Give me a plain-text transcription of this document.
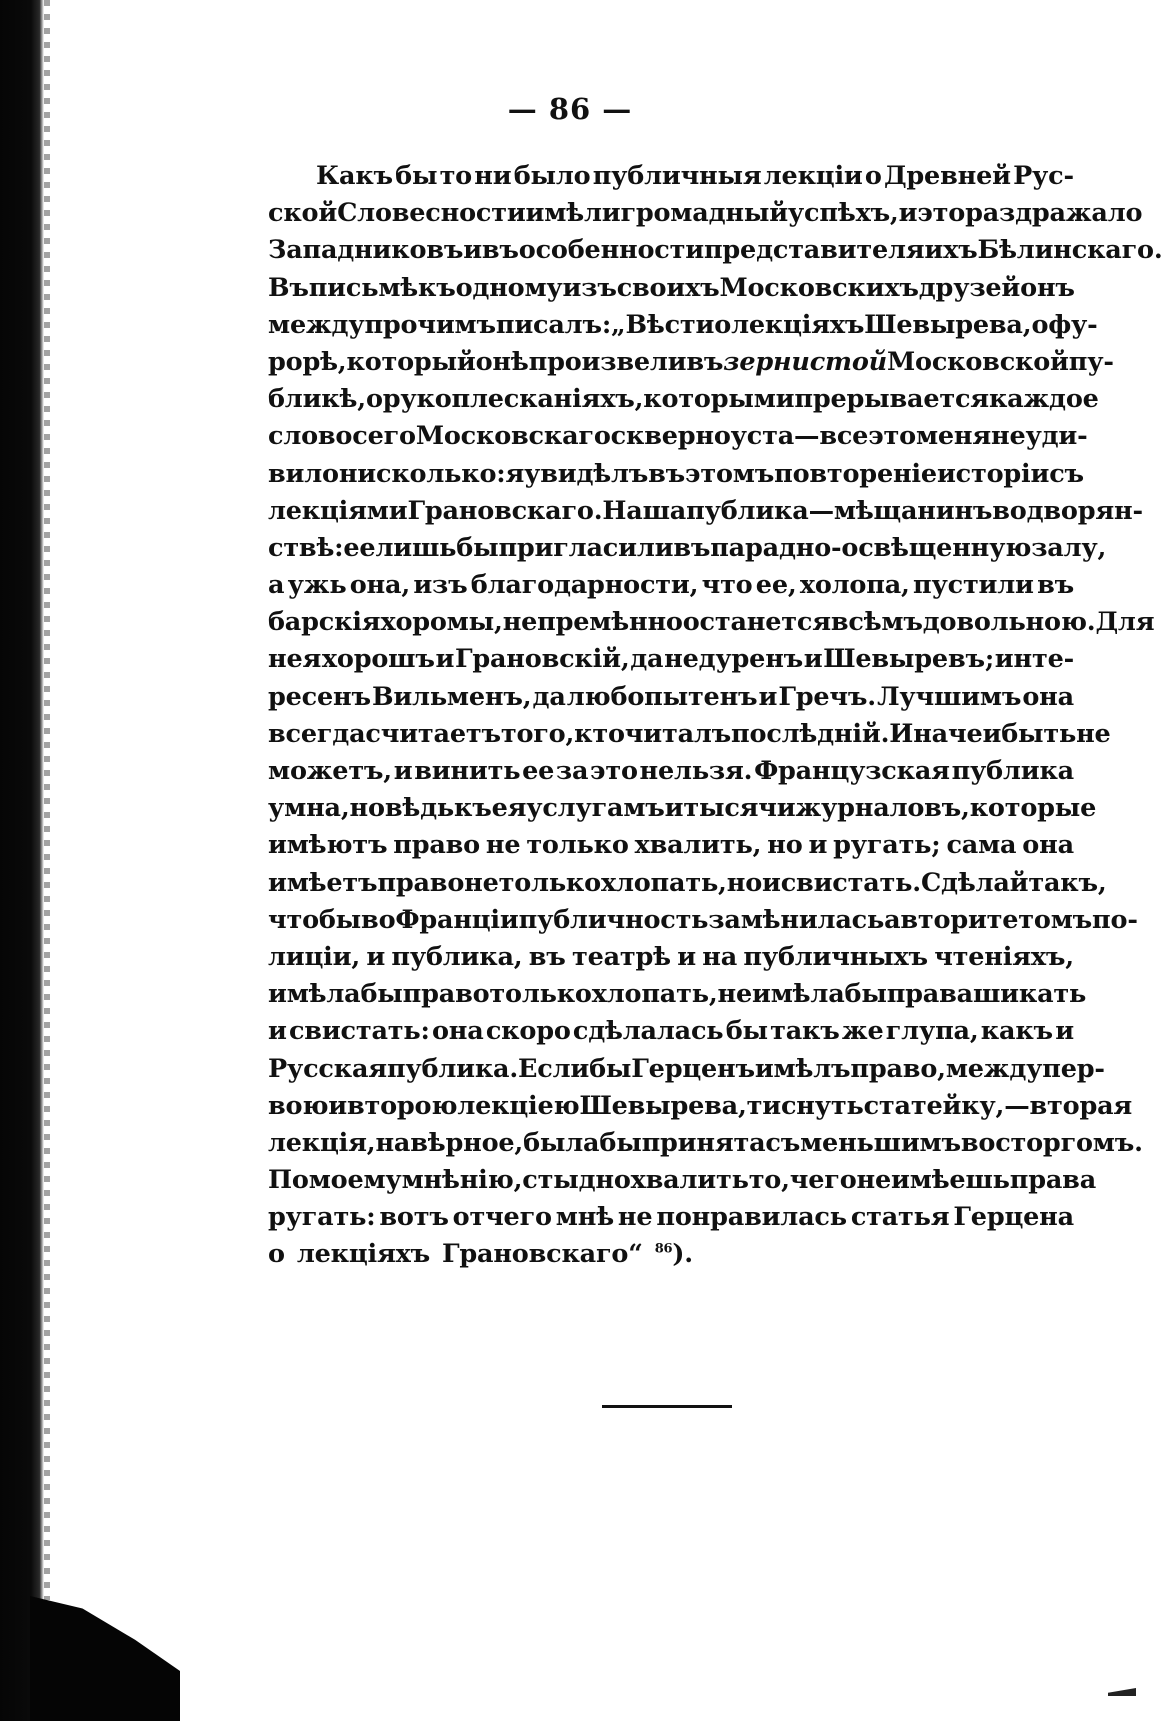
— 86 —
Какъ бы то ни было публичныя лекціи о Древней Рус-
ской Словесности имѣли громадный успѣхъ, и это раздражало
Западниковъ и въ особенности представителя ихъ Бѣлинскаго.
Въ письмѣ къ одному изъ своихъ Московскихъ друзей онъ
между прочимъ писалъ: „Вѣсти о лекціяхъ Шевырева, о фу-
рорѣ, который онѣ произвели въ зернистой Московской пу-
бликѣ, о рукоплесканіяхъ, которыми прерывается каждое
слово сего Московскаго скверноуста—все это меня не уди-
вило нисколько: я увидѣлъ въ этомъ повтореніе исторіи съ
лекціями Грановскаго. Наша публика—мѣщанинъ во дворян-
ствѣ: ее лишь бы пригласили въ парадно-освѣщенную залу,
а ужь она, изъ благодарности, что ее, холопа, пустили въ
барскія хоромы, непремѣнно останется всѣмъ довольною. Для
нея хорошъ и Грановскій, да недуренъ и Шевыревъ; инте-
ресенъ Вильменъ, да любопытенъ и Гречъ. Лучшимъ она
всегда считаетъ того, кто читалъ послѣдній. Иначе и быть не
можетъ, и винить ее за это нельзя. Французская публика
умна, но вѣдь къ ея услугамъ и тысячи журналовъ, которые
имѣютъ право не только хвалить, но и ругать; сама она
имѣетъ право не только хлопать, но и свистать. Сдѣлай такъ,
чтобы во Франціи публичность замѣнилась авторитетомъ по-
лиціи, и публика, въ театрѣ и на публичныхъ чтеніяхъ,
имѣла бы право только хлопать, не имѣла бы права шикать
и свистать: она скоро сдѣлалась бы такъ же глупа, какъ и
Русская публика. Еслибы Герценъ имѣлъ право, между пер-
вою и второю лекціею Шевырева, тиснуть статейку,—вторая
лекція, навѣрное, была бы принята съ меньшимъ восторгомъ.
По моему мнѣнію, стыдно хвалить то, чего не имѣешь права
ругать: вотъ отчего мнѣ не понравилась статья Герцена
о лекціяхъ Грановскаго“ $^{86}$).
